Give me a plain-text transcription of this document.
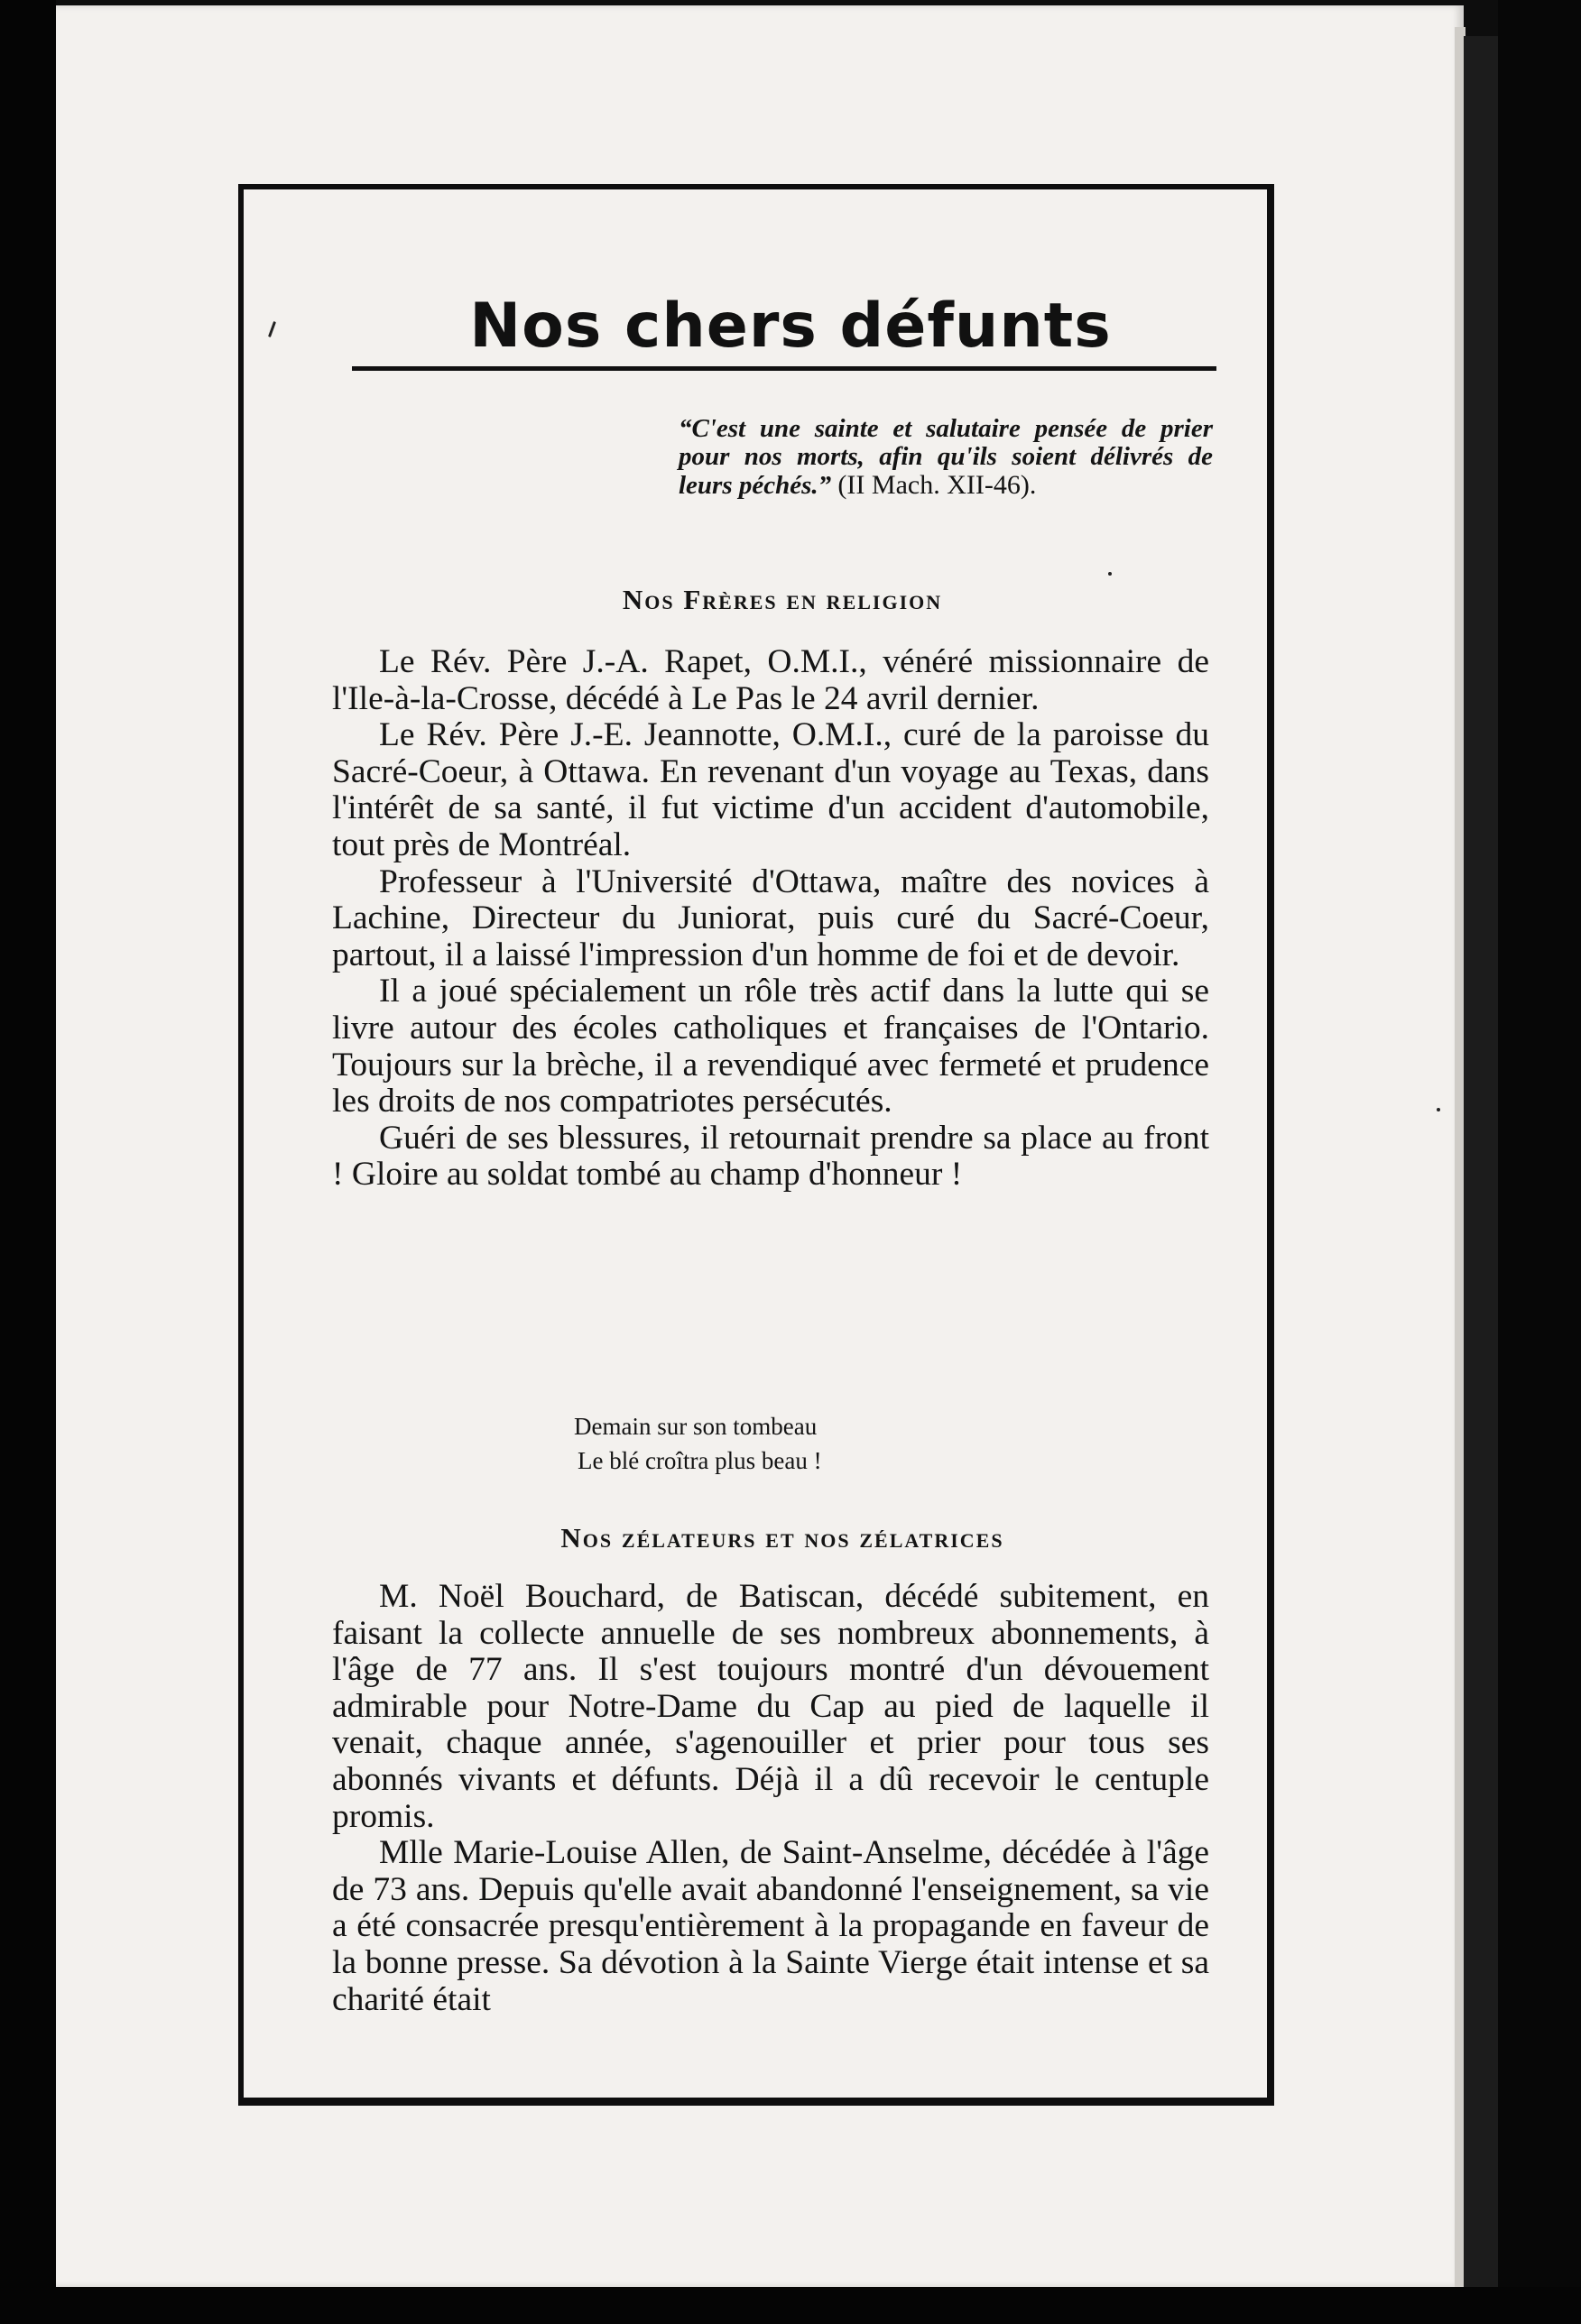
Nos chers défunts

“C'est une sainte et salutaire pensée de prier pour nos morts, afin qu'ils soient délivrés de leurs péchés.” (II Mach. XII-46).

Nos Frères en religion

Le Rév. Père J.-A. Rapet, O.M.I., vénéré missionnaire de l'Ile-à-la-Crosse, décédé à Le Pas le 24 avril dernier.

Le Rév. Père J.-E. Jeannotte, O.M.I., curé de la paroisse du Sacré-Coeur, à Ottawa. En revenant d'un voyage au Texas, dans l'intérêt de sa santé, il fut victime d'un accident d'automobile, tout près de Montréal.

Professeur à l'Université d'Ottawa, maître des novices à Lachine, Directeur du Juniorat, puis curé du Sacré-Coeur, partout, il a laissé l'impression d'un homme de foi et de devoir.

Il a joué spécialement un rôle très actif dans la lutte qui se livre autour des écoles catholiques et françaises de l'Ontario. Toujours sur la brèche, il a revendiqué avec fermeté et prudence les droits de nos compatriotes persécutés.

Guéri de ses blessures, il retournait prendre sa place au front ! Gloire au soldat tombé au champ d'honneur !

Demain sur son tombeau
Le blé croîtra plus beau !
Nos zélateurs et nos zélatrices

M. Noël Bouchard, de Batiscan, décédé subitement, en faisant la collecte annuelle de ses nombreux abonnements, à l'âge de 77 ans. Il s'est toujours montré d'un dévouement admirable pour Notre-Dame du Cap au pied de laquelle il venait, chaque année, s'agenouiller et prier pour tous ses abonnés vivants et défunts. Déjà il a dû recevoir le centuple promis.

Mlle Marie-Louise Allen, de Saint-Anselme, décédée à l'âge de 73 ans. Depuis qu'elle avait abandonné l'enseignement, sa vie a été consacrée presqu'entièrement à la propagande en faveur de la bonne presse. Sa dévotion à la Sainte Vierge était intense et sa charité était
